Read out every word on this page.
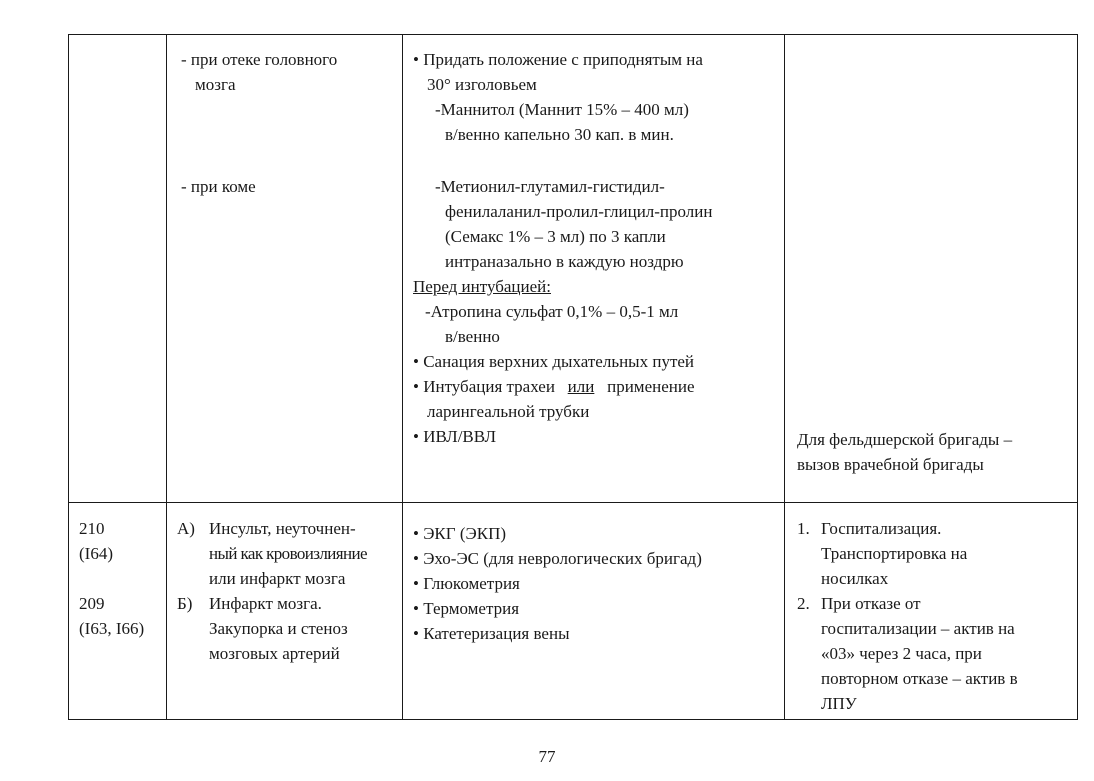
- при отеке головного
мозга
- при коме
• Придать положение с приподнятым на
30° изголовьем
-Маннитол (Маннит 15% – 400 мл)
в/венно капельно 30 кап. в мин.
-Метионил-глутамил-гистидил-
фенилаланил-пролил-глицил-пролин
(Семакс 1% – 3 мл) по 3 капли
интраназально в каждую ноздрю
Перед интубацией:
-Атропина сульфат 0,1% – 0,5-1 мл
в/венно
• Санация верхних дыхательных путей
• Интубация трахеи или применение
ларингеальной трубки
• ИВЛ/ВВЛ	Для фельдшерской бригады –
вызов врачебной бригады
210
(I64)
209
(I63, I66)
А) Инсульт, неуточнен-
ный как кровоизлияние
или инфаркт мозга
Б) Инфаркт мозга.
Закупорка и стеноз
мозговых артерий
• ЭКГ (ЭКП)
• Эхо-ЭС (для неврологических бригад)
• Глюкометрия
• Термометрия
• Катетеризация вены
1. Госпитализация.
Транспортировка на
носилках
2. При отказе от
госпитализации – актив на
«03» через 2 часа, при
повторном отказе – актив в
ЛПУ
77
